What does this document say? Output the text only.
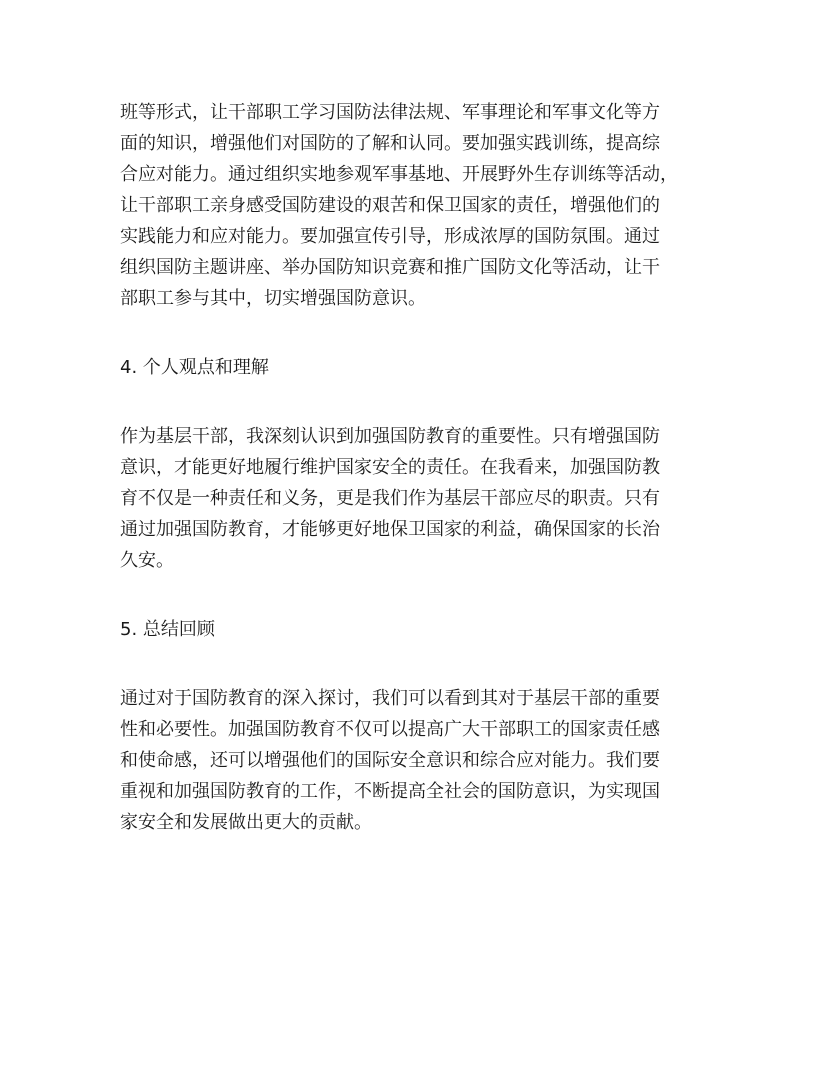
班等形式，让干部职工学习国防法律法规、军事理论和军事文化等方
面的知识，增强他们对国防的了解和认同。要加强实践训练，提高综
合应对能力。通过组织实地参观军事基地、开展野外生存训练等活动，
让干部职工亲身感受国防建设的艰苦和保卫国家的责任，增强他们的
实践能力和应对能力。要加强宣传引导，形成浓厚的国防氛围。通过
组织国防主题讲座、举办国防知识竞赛和推广国防文化等活动，让干
部职工参与其中，切实增强国防意识。

4. 个人观点和理解

作为基层干部，我深刻认识到加强国防教育的重要性。只有增强国防
意识，才能更好地履行维护国家安全的责任。在我看来，加强国防教
育不仅是一种责任和义务，更是我们作为基层干部应尽的职责。只有
通过加强国防教育，才能够更好地保卫国家的利益，确保国家的长治
久安。

5. 总结回顾

通过对于国防教育的深入探讨，我们可以看到其对于基层干部的重要
性和必要性。加强国防教育不仅可以提高广大干部职工的国家责任感
和使命感，还可以增强他们的国际安全意识和综合应对能力。我们要
重视和加强国防教育的工作，不断提高全社会的国防意识，为实现国
家安全和发展做出更大的贡献。
